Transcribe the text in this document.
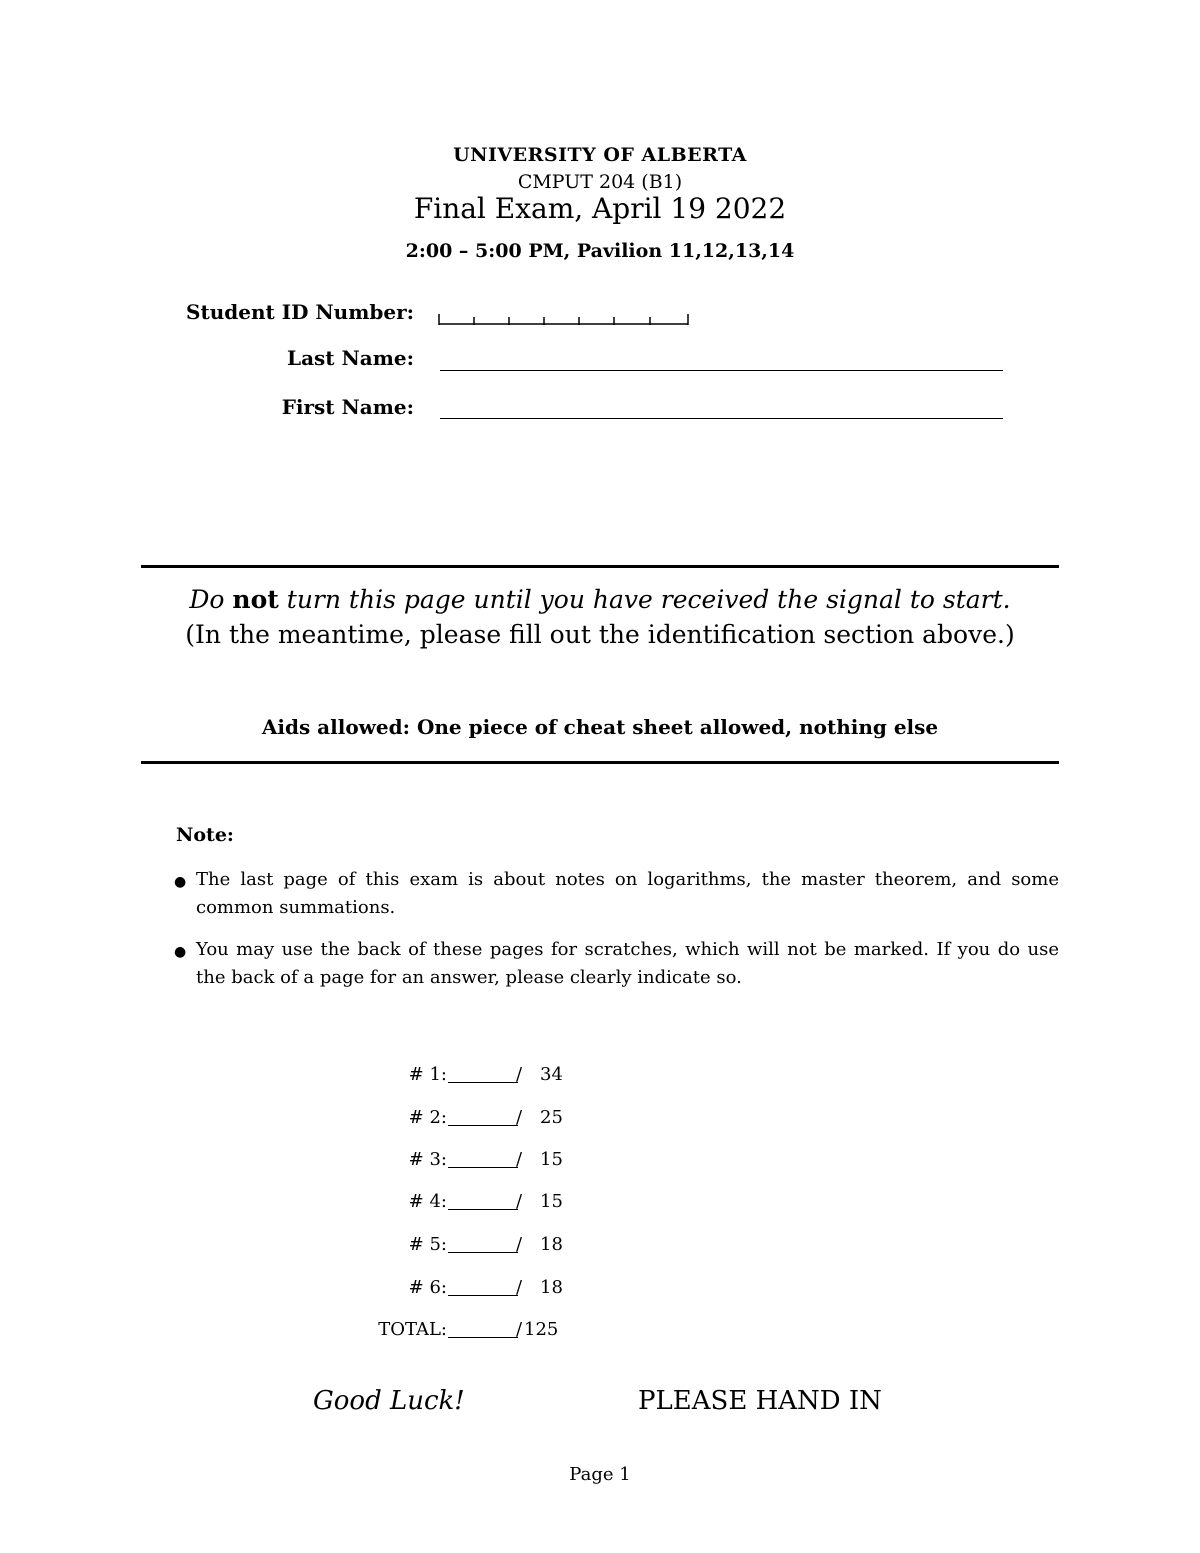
UNIVERSITY OF ALBERTA
CMPUT 204 (B1)
Final Exam, April 19 2022
2:00 – 5:00 PM, Pavilion 11,12,13,14
Student ID Number:
Last Name:
First Name:
Do not turn this page until you have received the signal to start.
(In the meantime, please fill out the identification section above.)
Aids allowed: One piece of cheat sheet allowed, nothing else
Note:
● The last page of this exam is about notes on logarithms, the master theorem, and some common summations.
● You may use the back of these pages for scratches, which will not be marked. If you do use the back of a page for an answer, please clearly indicate so.
# 1:	/ 34
# 2:	/ 25
# 3:	/ 15
# 4:	/ 15
# 5:	/ 18
# 6:	/ 18
TOTAL:	/ 125
Good Luck!	PLEASE HAND IN
Page 1
